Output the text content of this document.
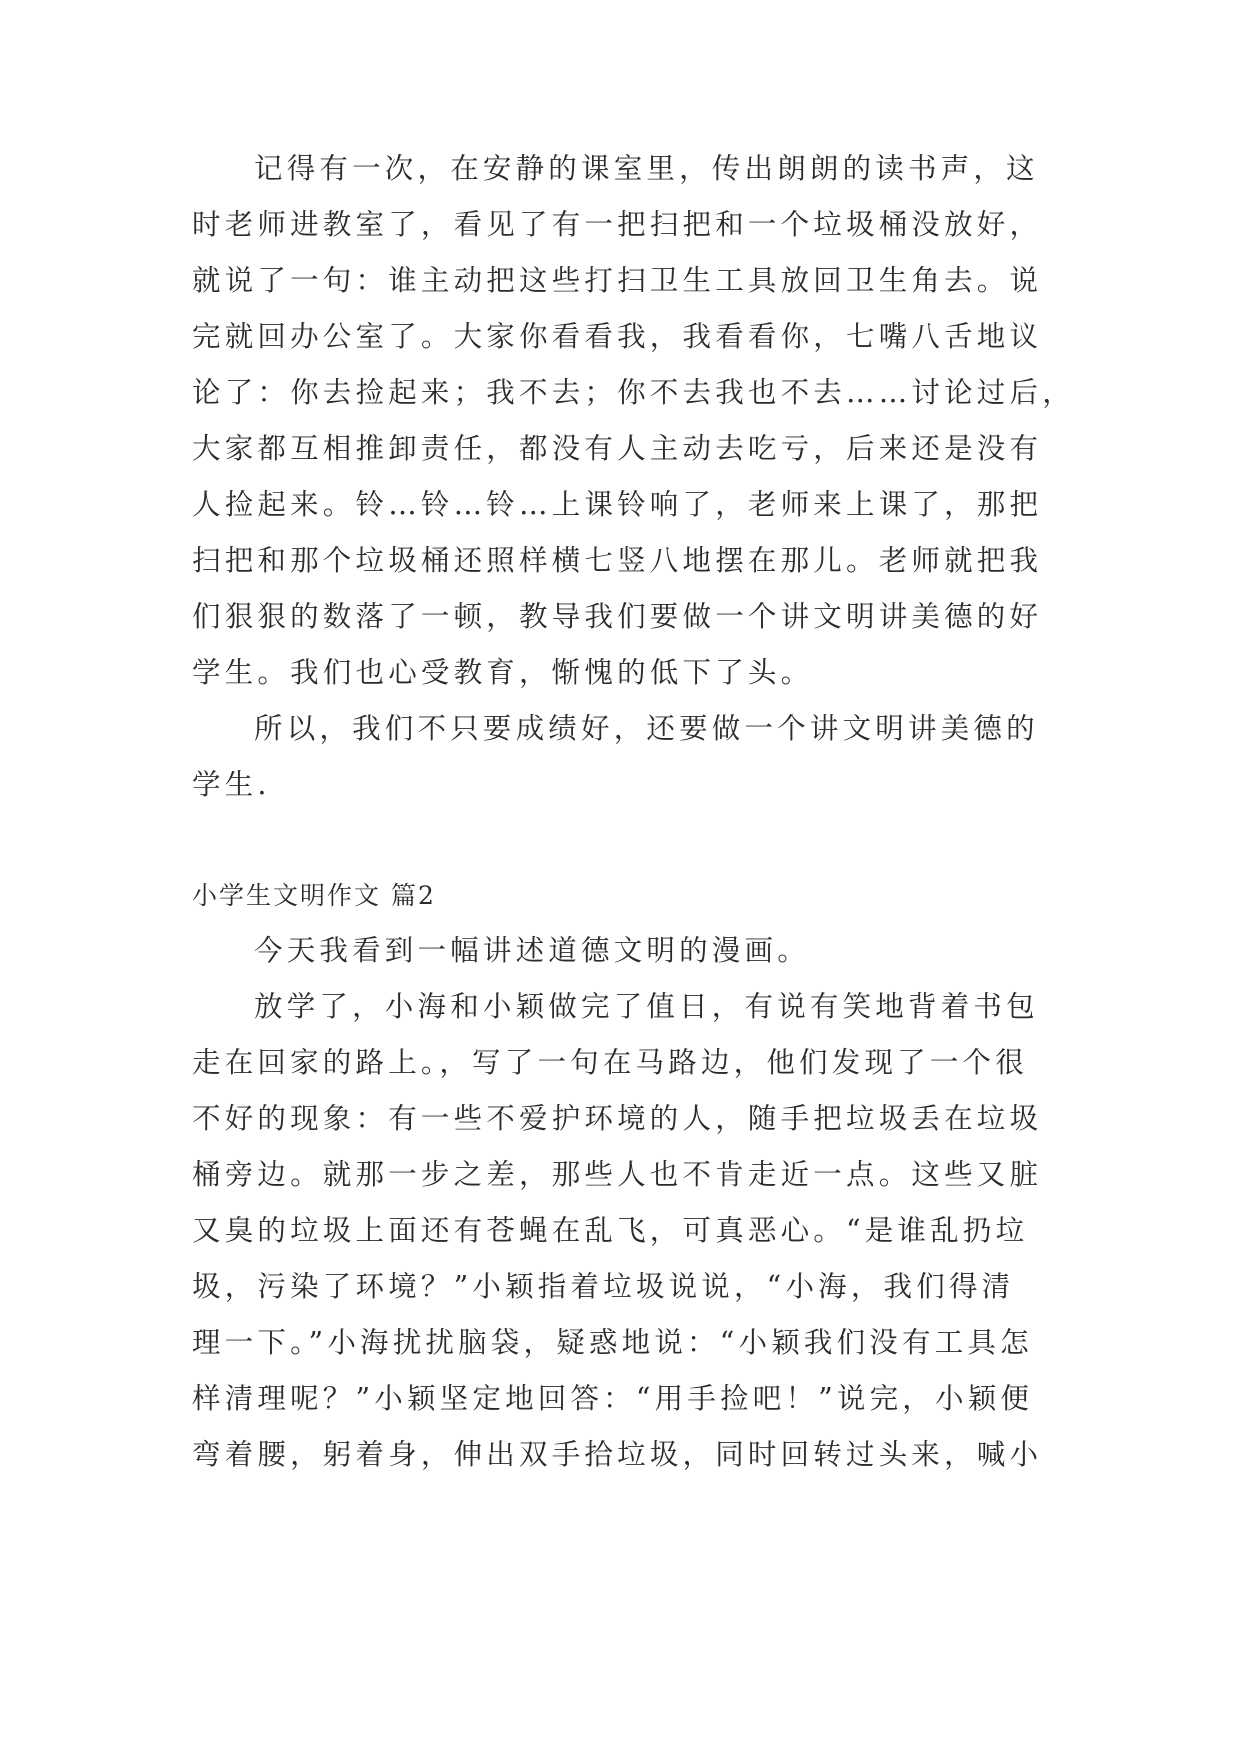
记得有一次，在安静的课室里，传出朗朗的读书声，这
时老师进教室了，看见了有一把扫把和一个垃圾桶没放好，
就说了一句：谁主动把这些打扫卫生工具放回卫生角去。说
完就回办公室了。大家你看看我，我看看你，七嘴八舌地议
论了：你去捡起来；我不去；你不去我也不去……讨论过后，
大家都互相推卸责任，都没有人主动去吃亏，后来还是没有
人捡起来。铃…铃…铃…上课铃响了，老师来上课了，那把
扫把和那个垃圾桶还照样横七竖八地摆在那儿。老师就把我
们狠狠的数落了一顿，教导我们要做一个讲文明讲美德的好
学生。我们也心受教育，惭愧的低下了头。
所以，我们不只要成绩好，还要做一个讲文明讲美德的
学生.
小学生文明作文 篇2
今天我看到一幅讲述道德文明的漫画。
放学了，小海和小颖做完了值日，有说有笑地背着书包
走在回家的路上。，写了一句在马路边，他们发现了一个很
不好的现象：有一些不爱护环境的人，随手把垃圾丢在垃圾
桶旁边。就那一步之差，那些人也不肯走近一点。这些又脏
又臭的垃圾上面还有苍蝇在乱飞，可真恶心。“是谁乱扔垃
圾，污染了环境？”小颖指着垃圾说说，“小海，我们得清
理一下。”小海扰扰脑袋，疑惑地说：“小颖我们没有工具怎
样清理呢？”小颖坚定地回答：“用手捡吧！”说完，小颖便
弯着腰，躬着身，伸出双手拾垃圾，同时回转过头来，喊小
